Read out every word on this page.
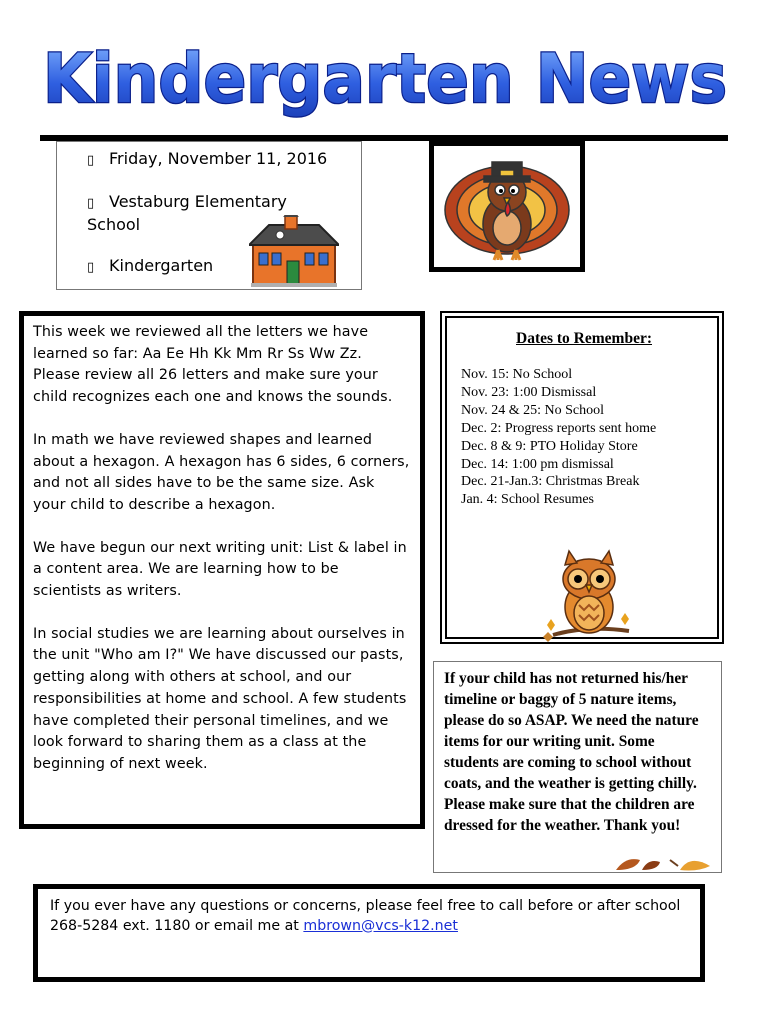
Kindergarten News
▯ Friday, November 11, 2016
▯ Vestaburg Elementary
School
▯ Kindergarten

This week we reviewed all the letters we have learned so far: Aa Ee Hh Kk Mm Rr Ss Ww Zz. Please review all 26 letters and make sure your child recognizes each one and knows the sounds.

In math we have reviewed shapes and learned about a hexagon. A hexagon has 6 sides, 6 corners, and not all sides have to be the same size. Ask your child to describe a hexagon.

We have begun our next writing unit: List & label in a content area. We are learning how to be scientists as writers.

In social studies we are learning about ourselves in the unit "Who am I?" We have discussed our pasts, getting along with others at school, and our responsibilities at home and school. A few students have completed their personal timelines, and we look forward to sharing them as a class at the beginning of next week.

Dates to Remember:
Nov. 15: No School
Nov. 23: 1:00 Dismissal
Nov. 24 & 25: No School
Dec. 2: Progress reports sent home
Dec. 8 & 9: PTO Holiday Store
Dec. 14: 1:00 pm dismissal
Dec. 21-Jan.3: Christmas Break
Jan. 4: School Resumes
If your child has not returned his/her timeline or baggy of 5 nature items, please do so ASAP. We need the nature items for our writing unit. Some students are coming to school without coats, and the weather is getting chilly. Please make sure that the children are dressed for the weather. Thank you!
If you ever have any questions or concerns, please feel free to call before or after school 268-5284 ext. 1180 or email me at mbrown@vcs-k12.net
